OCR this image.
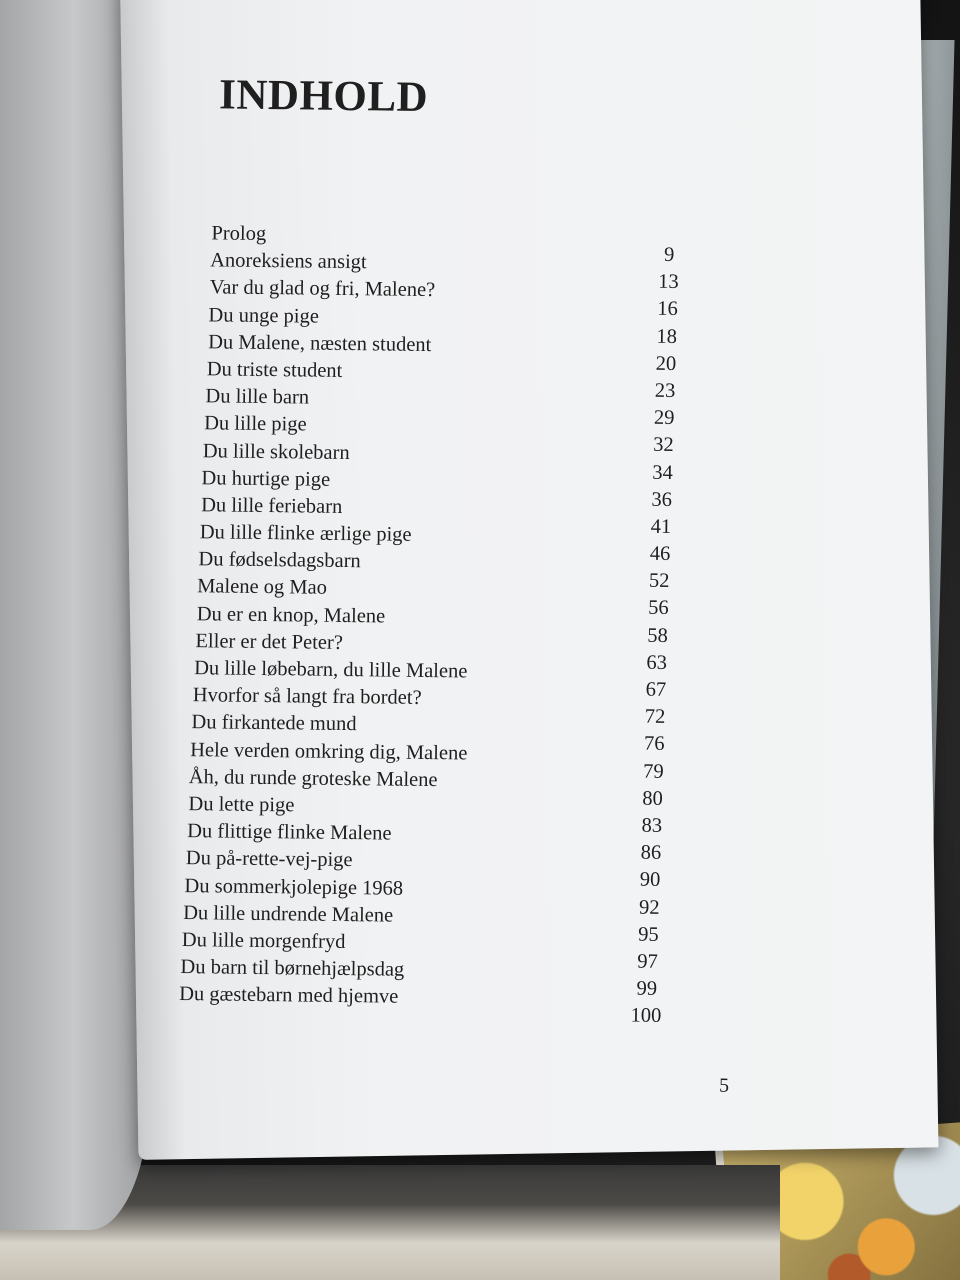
INDHOLD
Prolog
Anoreksiens ansigt
Var du glad og fri, Malene?
Du unge pige
Du Malene, næsten student
Du triste student
Du lille barn
Du lille pige
Du lille skolebarn
Du hurtige pige
Du lille feriebarn
Du lille flinke ærlige pige
Du fødselsdagsbarn
Malene og Mao
Du er en knop, Malene
Eller er det Peter?
Du lille løbebarn, du lille Malene
Hvorfor så langt fra bordet?
Du firkantede mund
Hele verden omkring dig, Malene
Åh, du runde groteske Malene
Du lette pige
Du flittige flinke Malene
Du på-rette-vej-pige
Du sommerkjolepige 1968
Du lille undrende Malene
Du lille morgenfryd
Du barn til børnehjælpsdag
Du gæstebarn med hjemve
9
13
16
18
20
23
29
32
34
36
41
46
52
56
58
63
67
72
76
79
80
83
86
90
92
95
97
99
100
5
